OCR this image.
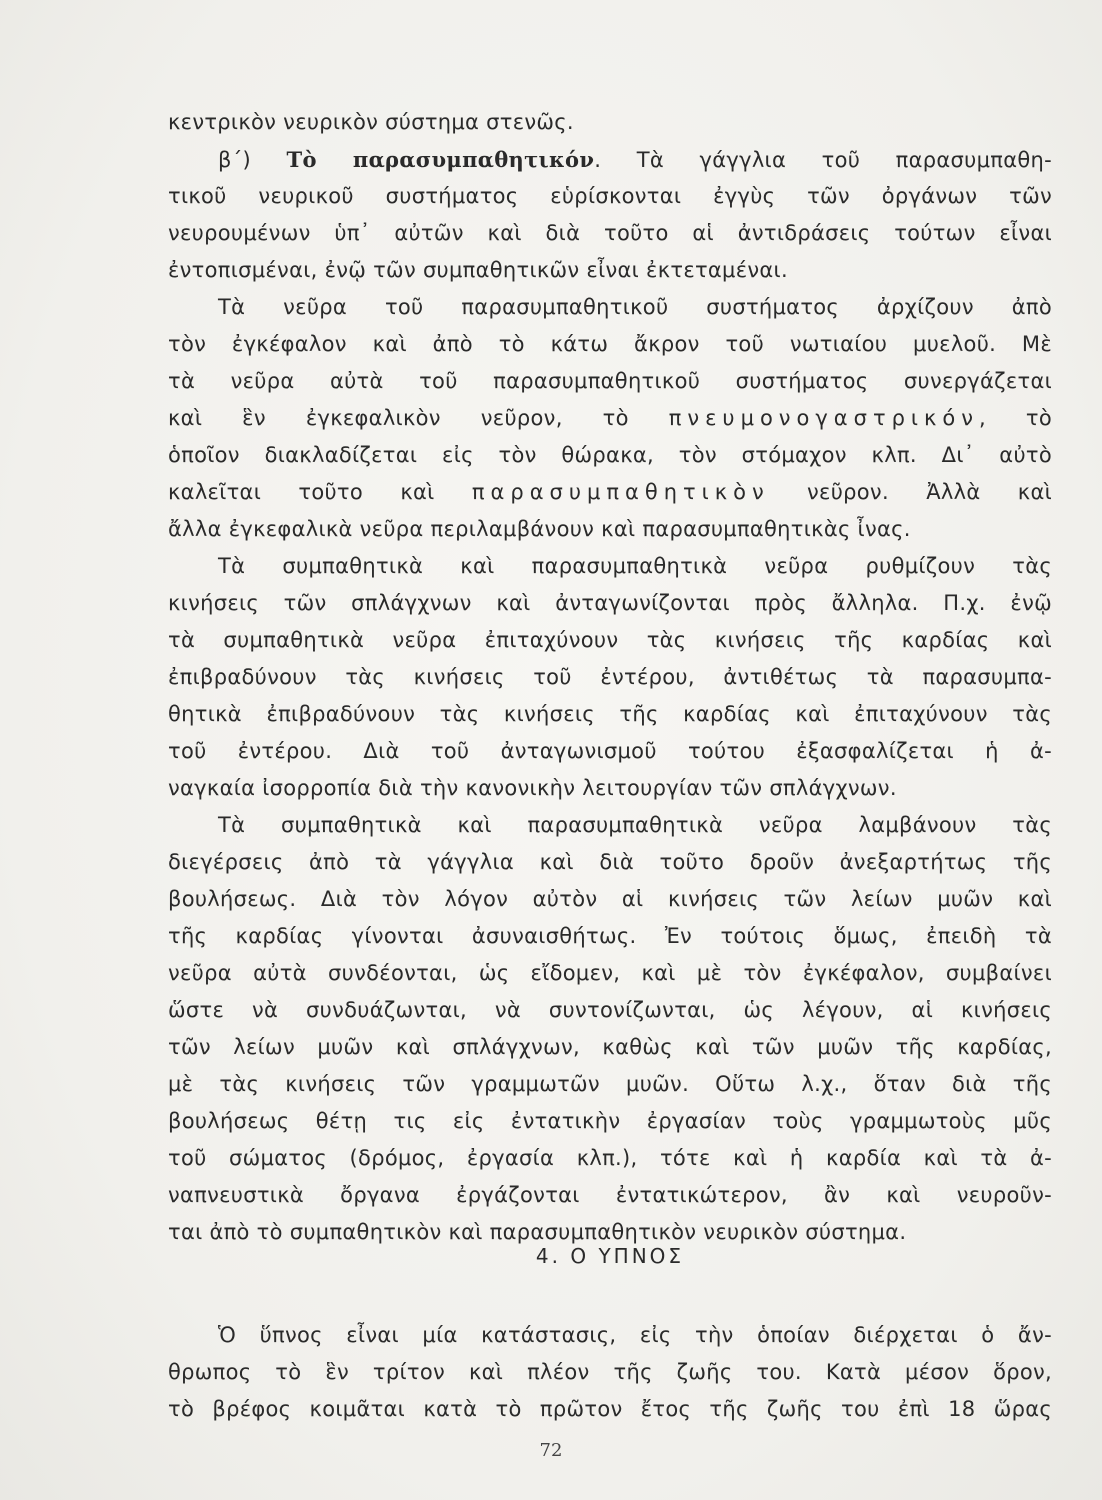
κεντρικὸν νευρικὸν σύστημα στενῶς.
β΄) Τὸ παρασυμπαθητικόν. Τὰ γάγγλια τοῦ παρασυμπαθη-
τικοῦ νευρικοῦ συστήματος εὑρίσκονται ἐγγὺς τῶν ὀργάνων τῶν
νευρουμένων ὑπ᾽ αὐτῶν καὶ διὰ τοῦτο αἱ ἀντιδράσεις τούτων εἶναι
ἐντοπισμέναι, ἐνῷ τῶν συμπαθητικῶν εἶναι ἐκτεταμέναι.
Τὰ νεῦρα τοῦ παρασυμπαθητικοῦ συστήματος ἀρχίζουν ἀπὸ
τὸν ἐγκέφαλον καὶ ἀπὸ τὸ κάτω ἄκρον τοῦ νωτιαίου μυελοῦ. Μὲ
τὰ νεῦρα αὐτὰ τοῦ παρασυμπαθητικοῦ συστήματος συνεργάζεται
καὶ ἓν ἐγκεφαλικὸν νεῦρον, τὸ πνευμονογαστρικόν, τὸ
ὁποῖον διακλαδίζεται εἰς τὸν θώρακα, τὸν στόμαχον κλπ. Δι᾽ αὐτὸ
καλεῖται τοῦτο καὶ παρασυμπαθητικὸν νεῦρον. Ἀλλὰ καὶ
ἄλλα ἐγκεφαλικὰ νεῦρα περιλαμβάνουν καὶ παρασυμπαθητικὰς ἶνας.
Τὰ συμπαθητικὰ καὶ παρασυμπαθητικὰ νεῦρα ρυθμίζουν τὰς
κινήσεις τῶν σπλάγχνων καὶ ἀνταγωνίζονται πρὸς ἄλληλα. Π.χ. ἐνῷ
τὰ συμπαθητικὰ νεῦρα ἐπιταχύνουν τὰς κινήσεις τῆς καρδίας καὶ
ἐπιβραδύνουν τὰς κινήσεις τοῦ ἐντέρου, ἀντιθέτως τὰ παρασυμπα-
θητικὰ ἐπιβραδύνουν τὰς κινήσεις τῆς καρδίας καὶ ἐπιταχύνουν τὰς
τοῦ ἐντέρου. Διὰ τοῦ ἀνταγωνισμοῦ τούτου ἐξασφαλίζεται ἡ ἀ-
ναγκαία ἰσορροπία διὰ τὴν κανονικὴν λειτουργίαν τῶν σπλάγχνων.
Τὰ συμπαθητικὰ καὶ παρασυμπαθητικὰ νεῦρα λαμβάνουν τὰς
διεγέρσεις ἀπὸ τὰ γάγγλια καὶ διὰ τοῦτο δροῦν ἀνεξαρτήτως τῆς
βουλήσεως. Διὰ τὸν λόγον αὐτὸν αἱ κινήσεις τῶν λείων μυῶν καὶ
τῆς καρδίας γίνονται ἀσυναισθήτως. Ἐν τούτοις ὅμως, ἐπειδὴ τὰ
νεῦρα αὐτὰ συνδέονται, ὡς εἴδομεν, καὶ μὲ τὸν ἐγκέφαλον, συμβαίνει
ὥστε νὰ συνδυάζωνται, νὰ συντονίζωνται, ὡς λέγουν, αἱ κινήσεις
τῶν λείων μυῶν καὶ σπλάγχνων, καθὼς καὶ τῶν μυῶν τῆς καρδίας,
μὲ τὰς κινήσεις τῶν γραμμωτῶν μυῶν. Οὕτω λ.χ., ὅταν διὰ τῆς
βουλήσεως θέτῃ τις εἰς ἐντατικὴν ἐργασίαν τοὺς γραμμωτοὺς μῦς
τοῦ σώματος (δρόμος, ἐργασία κλπ.), τότε καὶ ἡ καρδία καὶ τὰ ἀ-
ναπνευστικὰ ὄργανα ἐργάζονται ἐντατικώτερον, ἂν καὶ νευροῦν-
ται ἀπὸ τὸ συμπαθητικὸν καὶ παρασυμπαθητικὸν νευρικὸν σύστημα.
4. Ο ΥΠΝΟΣ
Ὁ ὕπνος εἶναι μία κατάστασις, εἰς τὴν ὁποίαν διέρχεται ὁ ἄν-
θρωπος τὸ ἓν τρίτον καὶ πλέον τῆς ζωῆς του. Κατὰ μέσον ὅρον,
τὸ βρέφος κοιμᾶται κατὰ τὸ πρῶτον ἔτος τῆς ζωῆς του ἐπὶ 18 ὥρας
72
